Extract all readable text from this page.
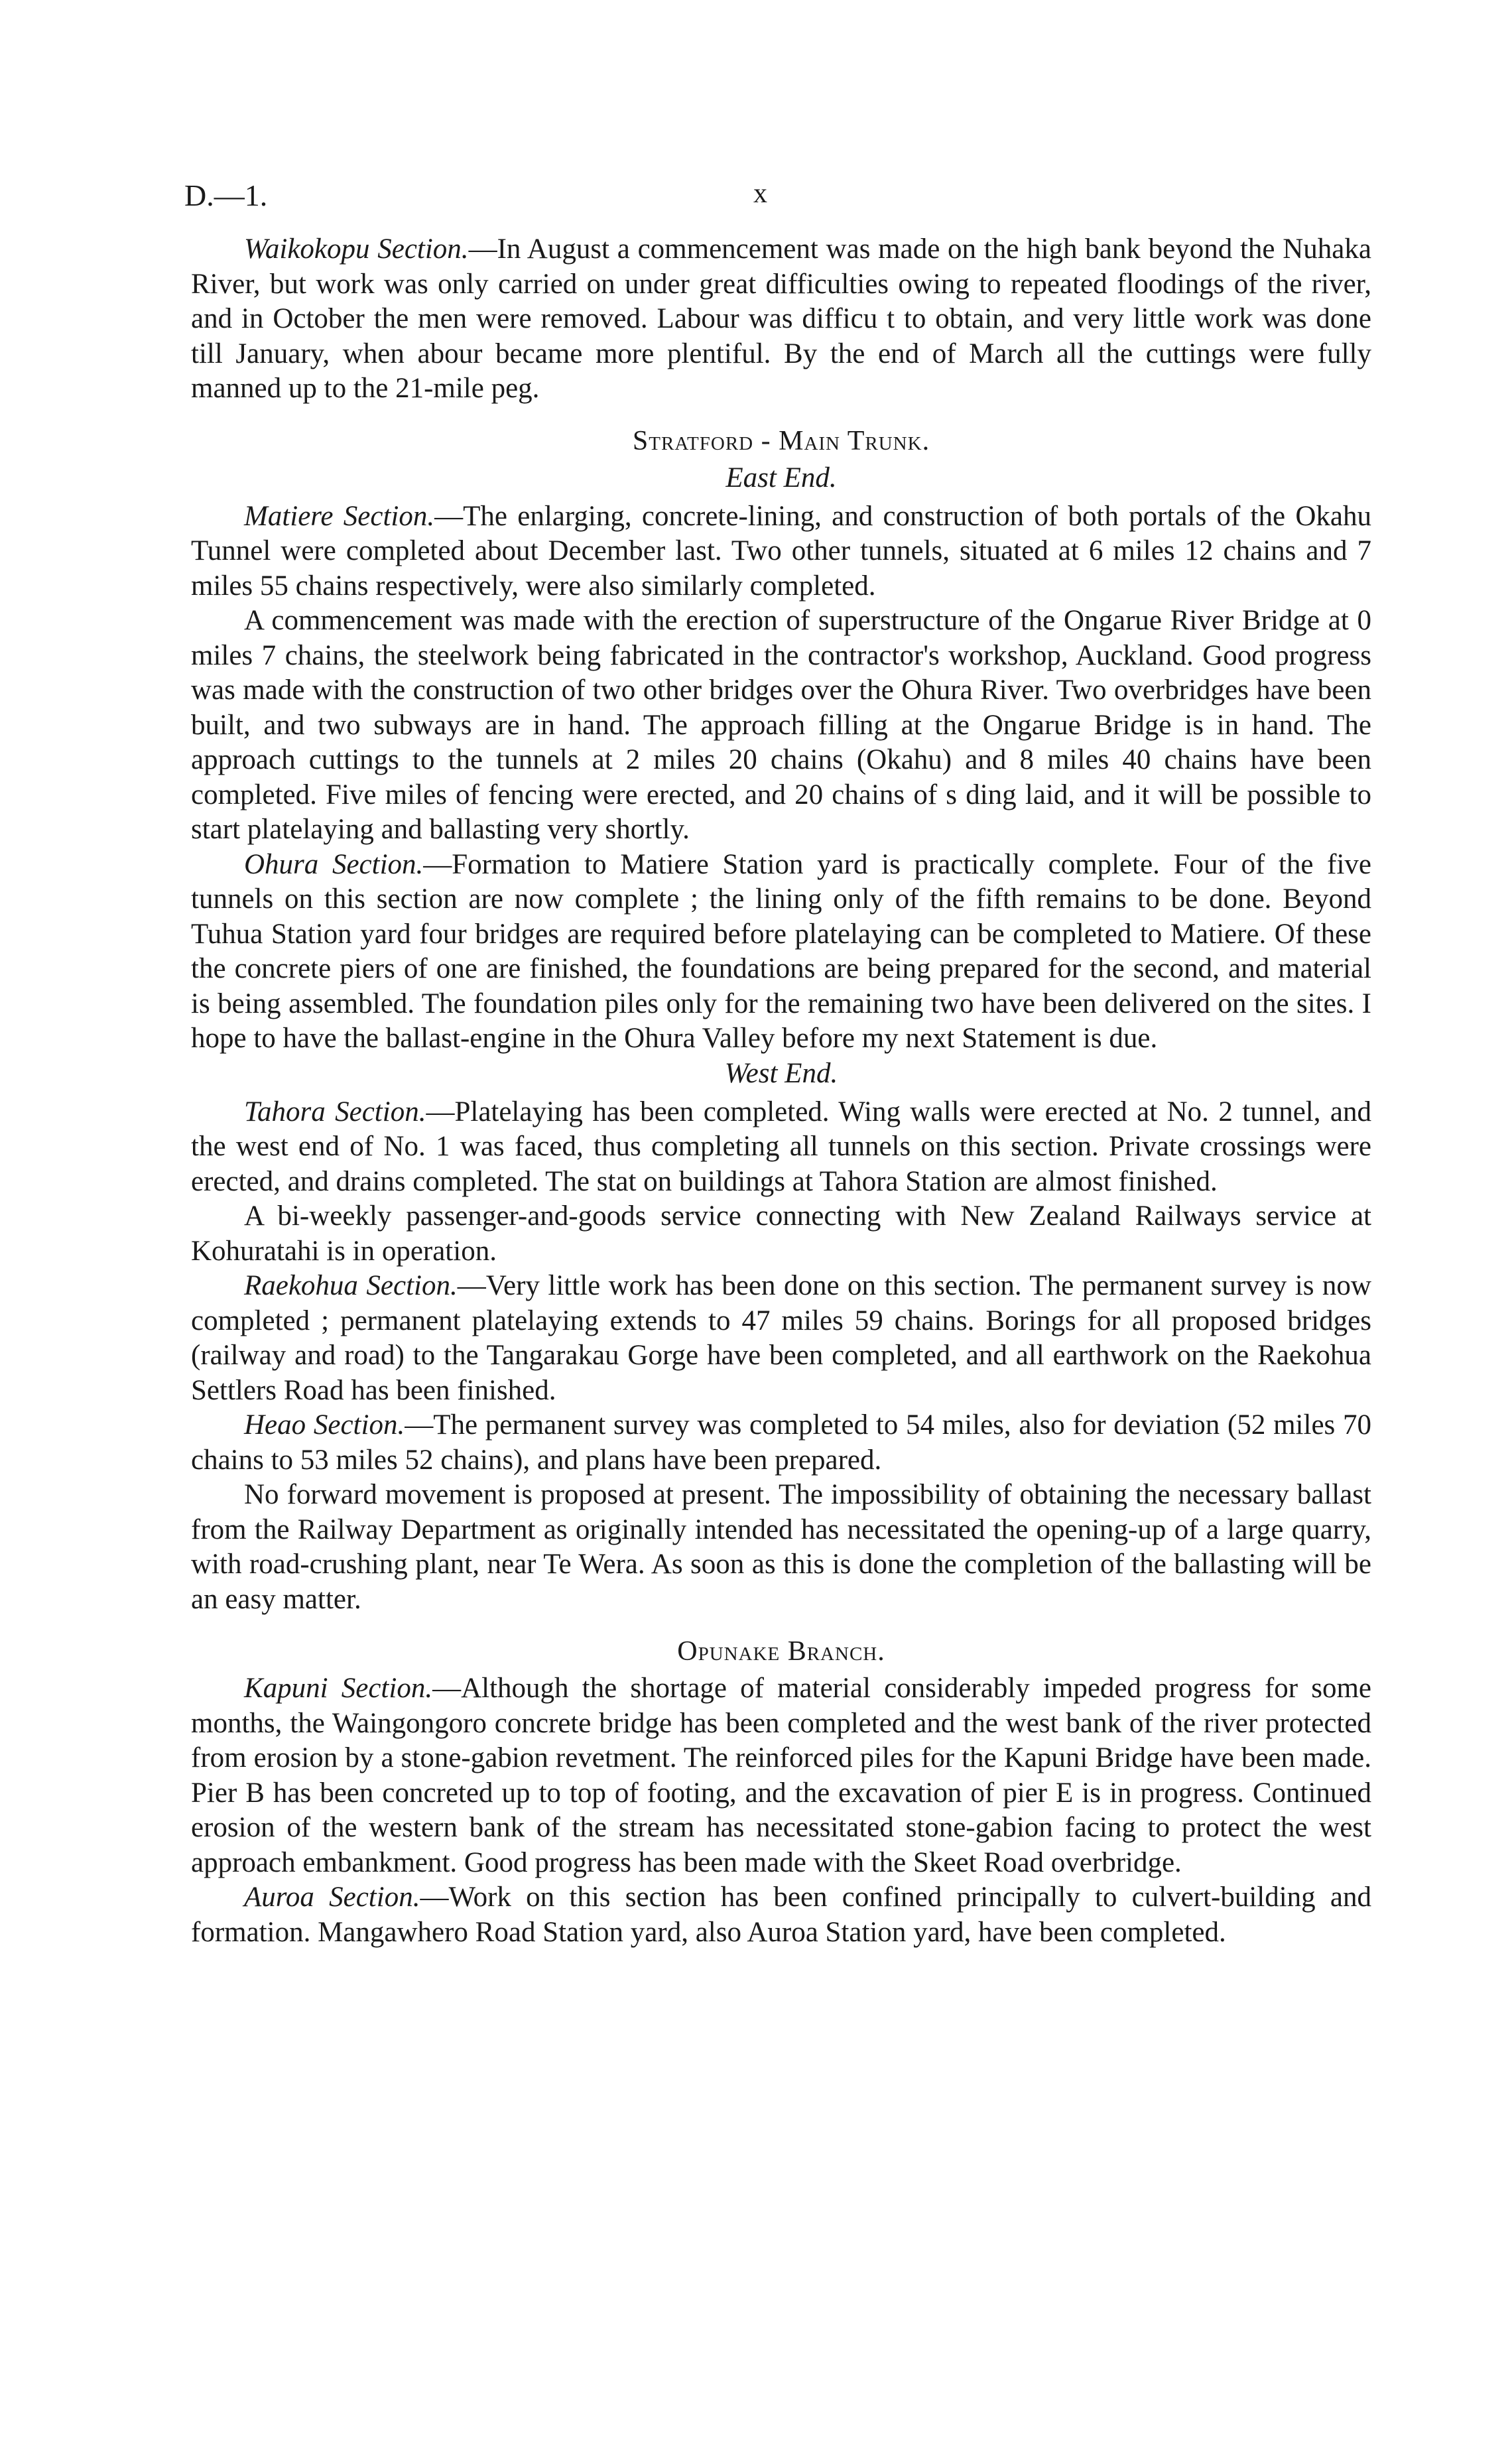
D.—1.	x

Waikokopu Section.—In August a commencement was made on the high bank beyond the Nuhaka River, but work was only carried on under great difficulties owing to repeated floodings of the river, and in October the men were removed. Labour was difficu t to obtain, and very little work was done till January, when abour became more plentiful. By the end of March all the cuttings were fully manned up to the 21-mile peg.

Stratford - Main Trunk.
East End.

Matiere Section.—The enlarging, concrete-lining, and construction of both portals of the Okahu Tunnel were completed about December last. Two other tunnels, situated at 6 miles 12 chains and 7 miles 55 chains respectively, were also similarly completed.

A commencement was made with the erection of superstructure of the Ongarue River Bridge at 0 miles 7 chains, the steelwork being fabricated in the contractor's workshop, Auckland. Good progress was made with the construction of two other bridges over the Ohura River. Two overbridges have been built, and two subways are in hand. The approach filling at the Ongarue Bridge is in hand. The approach cuttings to the tunnels at 2 miles 20 chains (Okahu) and 8 miles 40 chains have been completed. Five miles of fencing were erected, and 20 chains of s ding laid, and it will be possible to start platelaying and ballasting very shortly.

Ohura Section.—Formation to Matiere Station yard is practically complete. Four of the five tunnels on this section are now complete ; the lining only of the fifth remains to be done. Beyond Tuhua Station yard four bridges are required before platelaying can be completed to Matiere. Of these the concrete piers of one are finished, the foundations are being prepared for the second, and material is being assembled. The foundation piles only for the remaining two have been delivered on the sites. I hope to have the ballast-engine in the Ohura Valley before my next Statement is due.

West End.

Tahora Section.—Platelaying has been completed. Wing walls were erected at No. 2 tunnel, and the west end of No. 1 was faced, thus completing all tunnels on this section. Private crossings were erected, and drains completed. The stat on buildings at Tahora Station are almost finished.

A bi-weekly passenger-and-goods service connecting with New Zealand Railways service at Kohuratahi is in operation.

Raekohua Section.—Very little work has been done on this section. The permanent survey is now completed ; permanent platelaying extends to 47 miles 59 chains. Borings for all proposed bridges (railway and road) to the Tangarakau Gorge have been completed, and all earthwork on the Raekohua Settlers Road has been finished.

Heao Section.—The permanent survey was completed to 54 miles, also for deviation (52 miles 70 chains to 53 miles 52 chains), and plans have been prepared.

No forward movement is proposed at present. The impossibility of obtaining the necessary ballast from the Railway Department as originally intended has necessitated the opening-up of a large quarry, with road-crushing plant, near Te Wera. As soon as this is done the completion of the ballasting will be an easy matter.

Opunake Branch.

Kapuni Section.—Although the shortage of material considerably impeded progress for some months, the Waingongoro concrete bridge has been completed and the west bank of the river protected from erosion by a stone-gabion revetment. The reinforced piles for the Kapuni Bridge have been made. Pier B has been concreted up to top of footing, and the excavation of pier E is in progress. Continued erosion of the western bank of the stream has necessitated stone-gabion facing to protect the west approach embankment. Good progress has been made with the Skeet Road overbridge.

Auroa Section.—Work on this section has been confined principally to culvert-building and formation. Mangawhero Road Station yard, also Auroa Station yard, have been completed.
